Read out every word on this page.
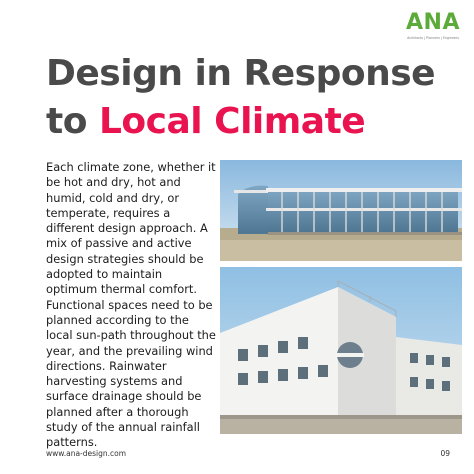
ANA
Architects | Planners | Engineers
Design in Response
to Local Climate

Each climate zone, whether it be hot and dry, hot and humid, cold and dry, or temperate, requires a different design approach. A mix of passive and active design strategies should be adopted to maintain optimum thermal comfort. Functional spaces need to be planned according to the local sun-path throughout the year, and the prevailing wind directions. Rainwater harvesting systems and surface drainage should be planned after a thorough study of the annual rainfall patterns.

www.ana-design.com	09
